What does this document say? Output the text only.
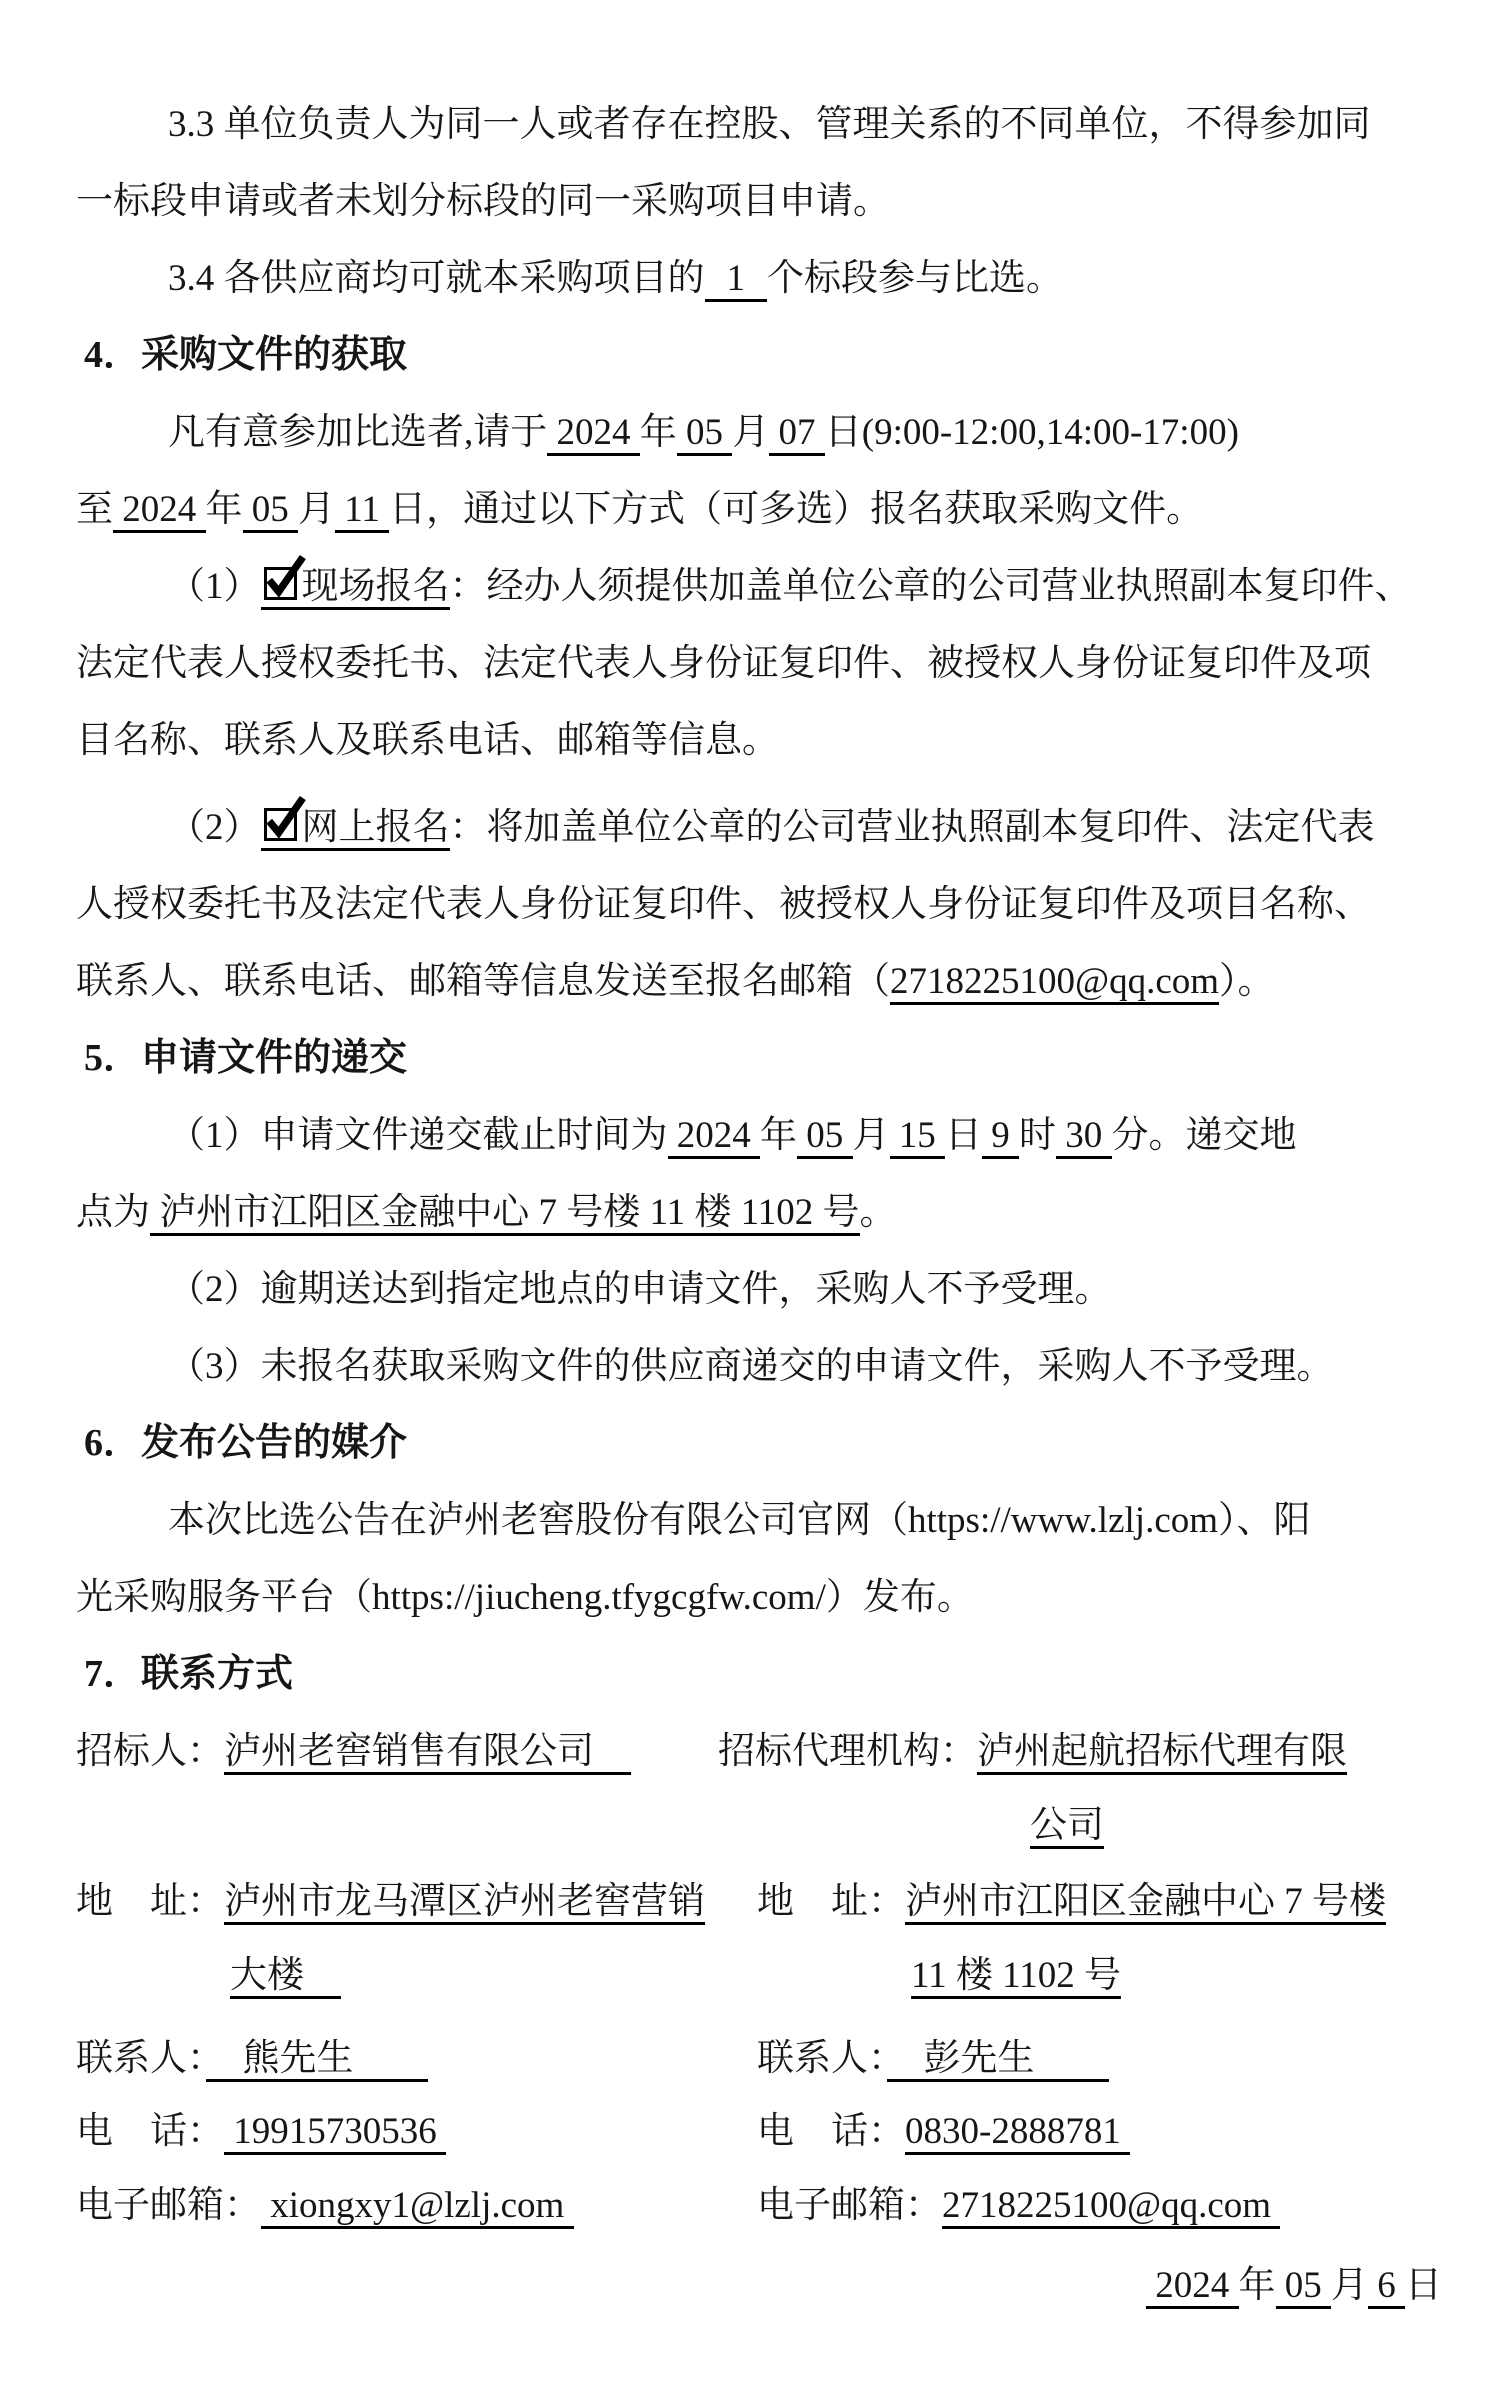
3.3 单位负责人为同一人或者存在控股、管理关系的不同单位，不得参加同
一标段申请或者未划分标段的同一采购项目申请。
3.4 各供应商均可就本采购项目的 1 个标段参与比选。
4．采购文件的获取
凡有意参加比选者,请于 2024 年 05 月 07 日(9:00-12:00,14:00-17:00)
至 2024 年 05 月 11 日，通过以下方式（可多选）报名获取采购文件。
（1） 现场报名：经办人须提供加盖单位公章的公司营业执照副本复印件、
法定代表人授权委托书、法定代表人身份证复印件、被授权人身份证复印件及项
目名称、联系人及联系电话、邮箱等信息。
（2） 网上报名：将加盖单位公章的公司营业执照副本复印件、法定代表
人授权委托书及法定代表人身份证复印件、被授权人身份证复印件及项目名称、
联系人、联系电话、邮箱等信息发送至报名邮箱（2718225100@qq.com）。
5．申请文件的递交
（1）申请文件递交截止时间为 2024 年 05 月 15 日 9 时 30 分。递交地
点为 泸州市江阳区金融中心 7 号楼 11 楼 1102 号。
（2）逾期送达到指定地点的申请文件，采购人不予受理。
（3）未报名获取采购文件的供应商递交的申请文件，采购人不予受理。
6．发布公告的媒介
本次比选公告在泸州老窖股份有限公司官网（https://www.lzlj.com）、阳
光采购服务平台（https://jiucheng.tfygcgfw.com/）发布。
7．联系方式
招标人：泸州老窖销售有限公司　 招标代理机构：泸州起航招标代理有限
公司
地　址：泸州市龙马潭区泸州老窖营销 地　址：泸州市江阳区金融中心 7 号楼
大楼　	11 楼 1102 号
联系人：　熊先生　　	联系人：　彭先生　　
电　话： 19915730536	电　话：0830-2888781
电子邮箱： xiongxy1@lzlj.com	电子邮箱：2718225100@qq.com
2024 年 05 月 6 日
